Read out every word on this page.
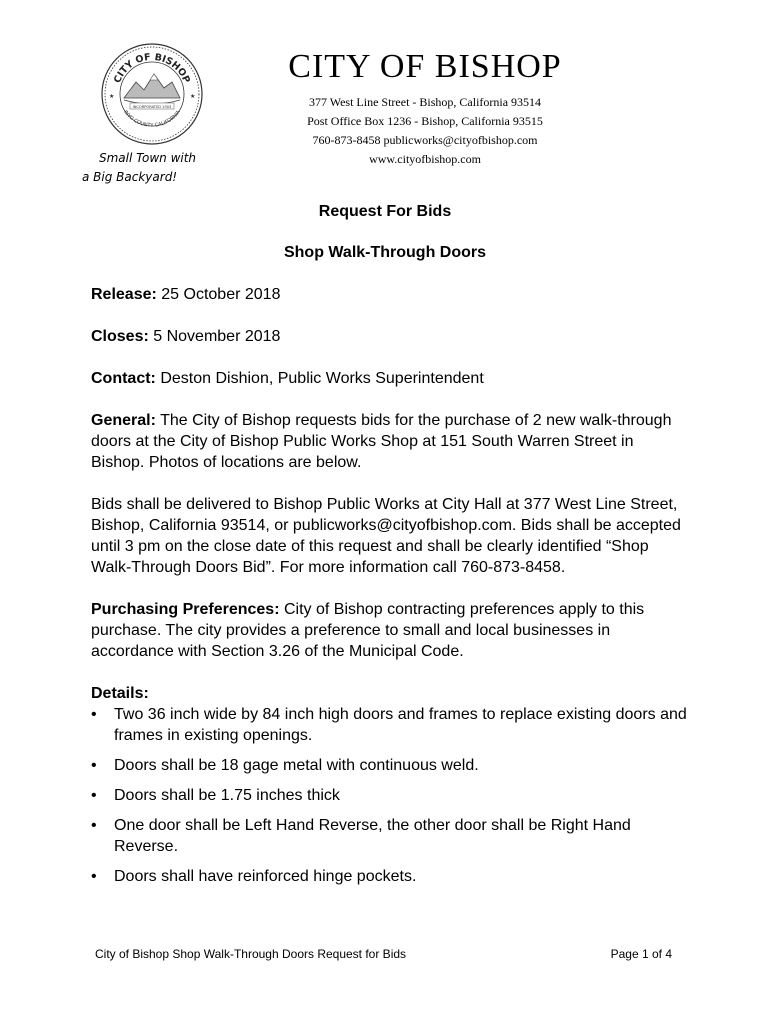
CITY OF BISHOP
INCORPORATED 1903
INYO COUNTY CALIFORNIA
★	★
Small Town with
a Big Backyard!
CITY OF BISHOP
377 West Line Street - Bishop, California 93514
Post Office Box 1236 - Bishop, California 93515
760-873-8458 publicworks@cityofbishop.com
www.cityofbishop.com
Request For Bids
Shop Walk-Through Doors

Release: 25 October 2018

Closes: 5 November 2018

Contact: Deston Dishion, Public Works Superintendent

General: The City of Bishop requests bids for the purchase of 2 new walk-through doors at the City of Bishop Public Works Shop at 151 South Warren Street in Bishop. Photos of locations are below.

Bids shall be delivered to Bishop Public Works at City Hall at 377 West Line Street, Bishop, California 93514, or publicworks@cityofbishop.com. Bids shall be accepted until 3 pm on the close date of this request and shall be clearly identified “Shop Walk-Through Doors Bid”. For more information call 760-873-8458.

Purchasing Preferences: City of Bishop contracting preferences apply to this purchase. The city provides a preference to small and local businesses in accordance with Section 3.26 of the Municipal Code.

Details:

• Two 36 inch wide by 84 inch high doors and frames to replace existing doors and frames in existing openings.
• Doors shall be 18 gage metal with continuous weld.
• Doors shall be 1.75 inches thick
• One door shall be Left Hand Reverse, the other door shall be Right Hand Reverse.
• Doors shall have reinforced hinge pockets.
City of Bishop Shop Walk-Through Doors Request for Bids	Page 1 of 4
